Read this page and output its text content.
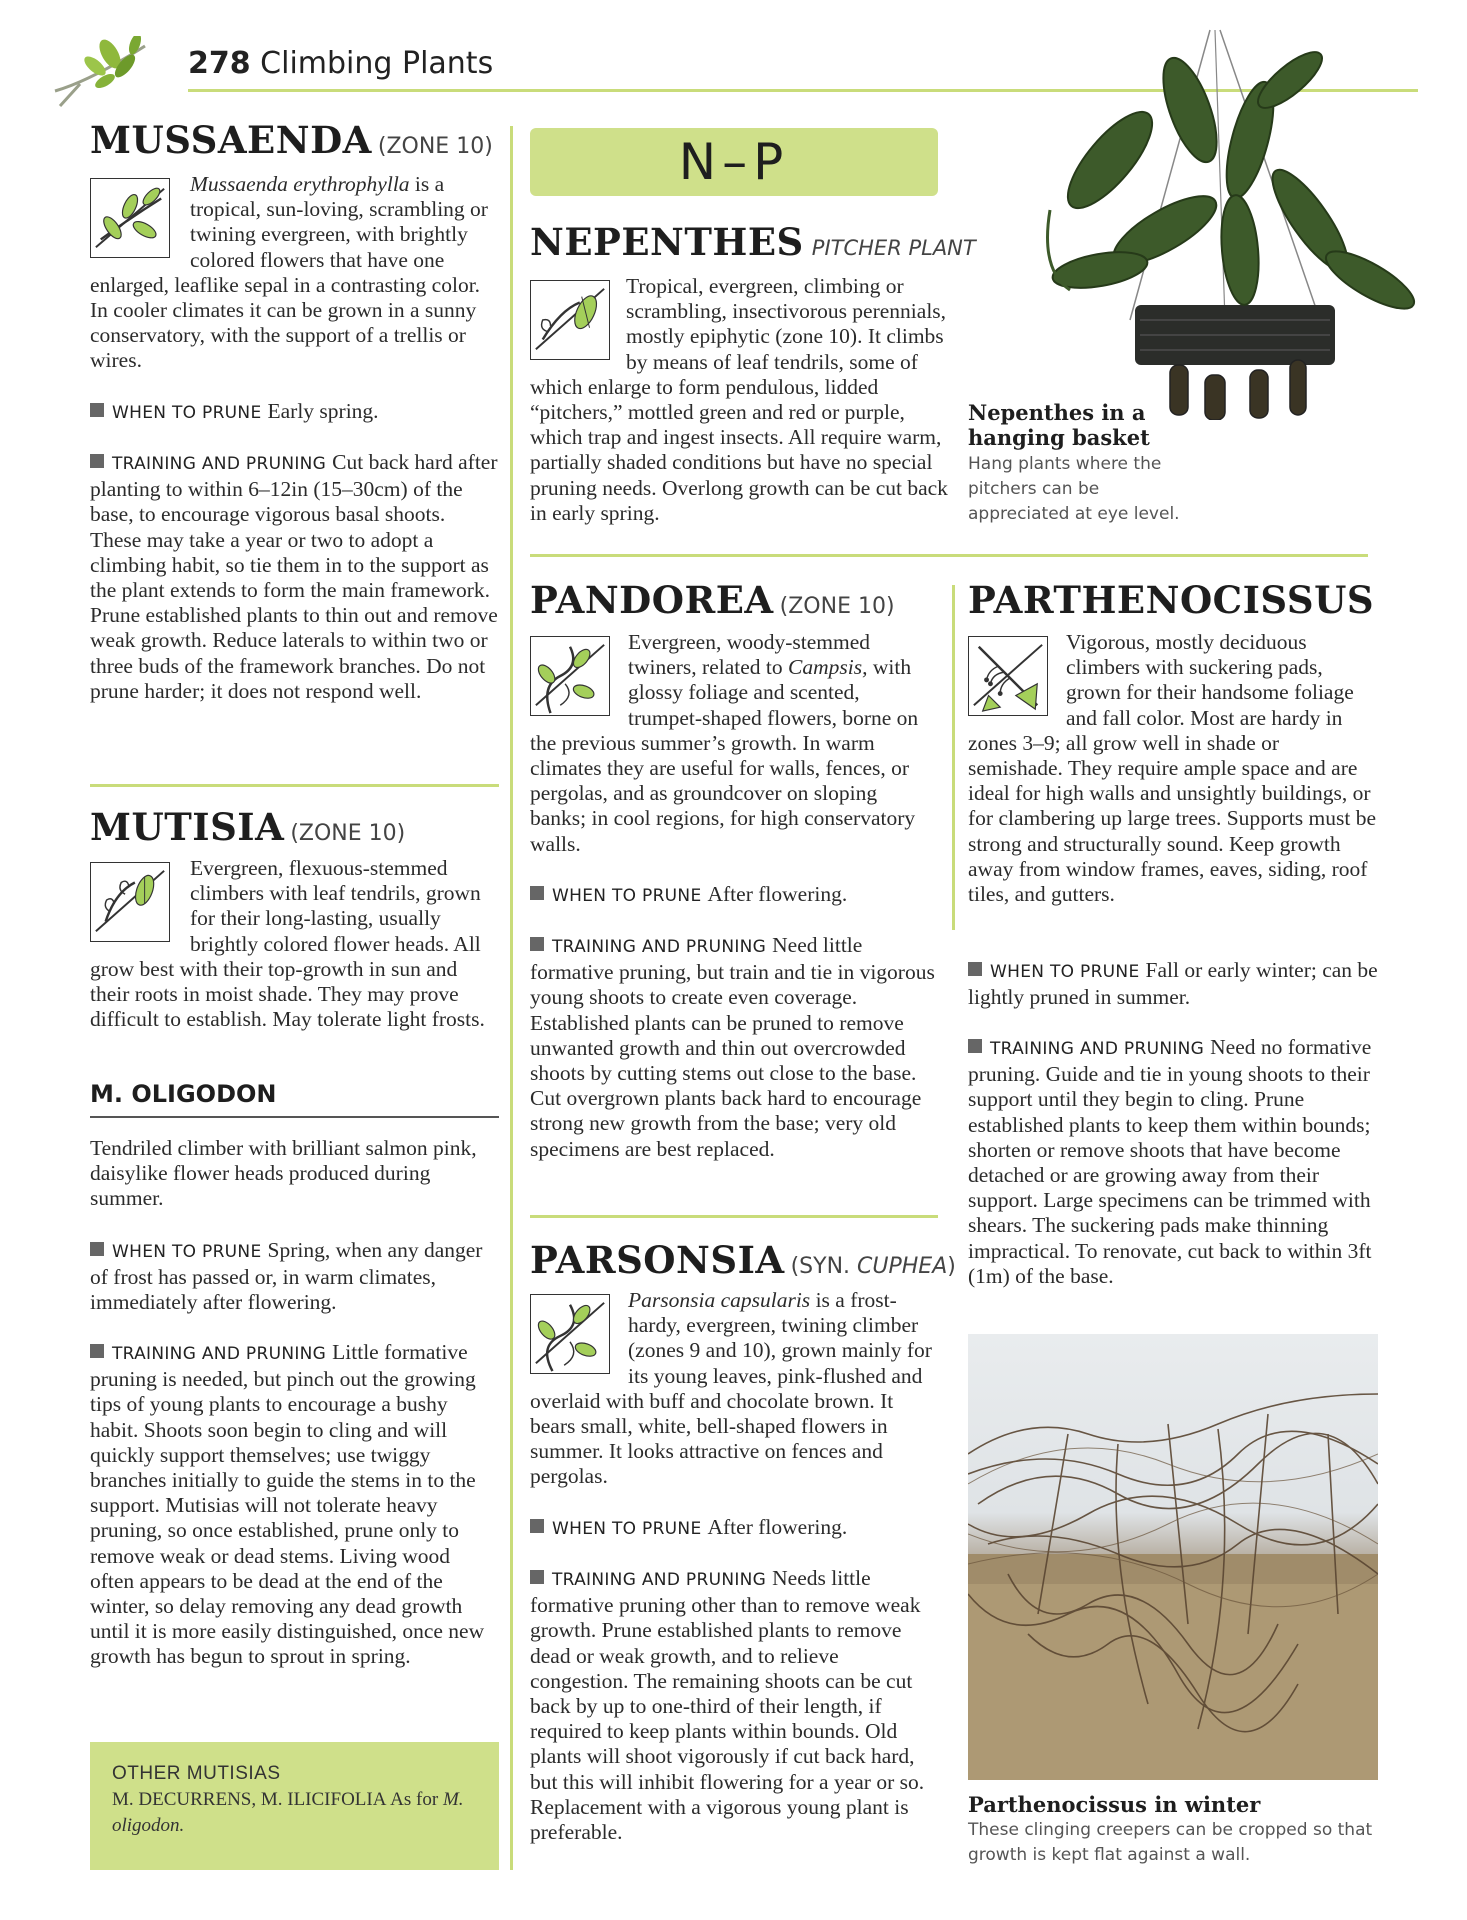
278 Climbing Plants
MUSSAENDA (ZONE 10)

Mussaenda erythrophylla is a tropical, sun-loving, scrambling or twining evergreen, with brightly colored flowers that have one enlarged, leaflike sepal in a contrasting color. In cooler climates it can be grown in a sunny conservatory, with the support of a trellis or wires.

WHEN TO PRUNE Early spring.

TRAINING AND PRUNING Cut back hard after planting to within 6–12in (15–30cm) of the base, to encourage vigorous basal shoots. These may take a year or two to adopt a climbing habit, so tie them in to the support as the plant extends to form the main framework. Prune established plants to thin out and remove weak growth. Reduce laterals to within two or three buds of the framework branches. Do not prune harder; it does not respond well.

MUTISIA (ZONE 10)

Evergreen, flexuous-stemmed climbers with leaf tendrils, grown for their long-lasting, usually brightly colored flower heads. All grow best with their top-growth in sun and their roots in moist shade. They may prove difficult to establish. May tolerate light frosts.

M. OLIGODON

Tendriled climber with brilliant salmon pink, daisylike flower heads produced during summer.

WHEN TO PRUNE Spring, when any danger of frost has passed or, in warm climates, immediately after flowering.

TRAINING AND PRUNING Little formative pruning is needed, but pinch out the growing tips of young plants to encourage a bushy habit. Shoots soon begin to cling and will quickly support themselves; use twiggy branches initially to guide the stems in to the support. Mutisias will not tolerate heavy pruning, so once established, prune only to remove weak or dead stems. Living wood often appears to be dead at the end of the winter, so delay removing any dead growth until it is more easily distinguished, once new growth has begun to sprout in spring.

OTHER MUTISIAS
M. DECURRENS, M. ILICIFOLIA As for M. oligodon.
N–P
NEPENTHES PITCHER PLANT

Tropical, evergreen, climbing or scrambling, insectivorous perennials, mostly epiphytic (zone 10). It climbs by means of leaf tendrils, some of which enlarge to form pendulous, lidded “pitchers,” mottled green and red or purple, which trap and ingest insects. All require warm, partially shaded conditions but have no special pruning needs. Overlong growth can be cut back in early spring.

Nepenthes in a hanging basket
Hang plants where the pitchers can be appreciated at eye level.
PANDOREA (ZONE 10)

Evergreen, woody-stemmed twiners, related to Campsis, with glossy foliage and scented, trumpet-shaped flowers, borne on the previous summer’s growth. In warm climates they are useful for walls, fences, or pergolas, and as groundcover on sloping banks; in cool regions, for high conservatory walls.

WHEN TO PRUNE After flowering.

TRAINING AND PRUNING Need little formative pruning, but train and tie in vigorous young shoots to create even coverage. Established plants can be pruned to remove unwanted growth and thin out overcrowded shoots by cutting stems out close to the base. Cut overgrown plants back hard to encourage strong new growth from the base; very old specimens are best replaced.

PARSONSIA (SYN. CUPHEA)

Parsonsia capsularis is a frost-hardy, evergreen, twining climber (zones 9 and 10), grown mainly for its young leaves, pink-flushed and overlaid with buff and chocolate brown. It bears small, white, bell-shaped flowers in summer. It looks attractive on fences and pergolas.

WHEN TO PRUNE After flowering.

TRAINING AND PRUNING Needs little formative pruning other than to remove weak growth. Prune established plants to remove dead or weak growth, and to relieve congestion. The remaining shoots can be cut back by up to one-third of their length, if required to keep plants within bounds. Old plants will shoot vigorously if cut back hard, but this will inhibit flowering for a year or so. Replacement with a vigorous young plant is preferable.

PARTHENOCISSUS

Vigorous, mostly deciduous climbers with suckering pads, grown for their handsome foliage and fall color. Most are hardy in zones 3–9; all grow well in shade or semishade. They require ample space and are ideal for high walls and unsightly buildings, or for clambering up large trees. Supports must be strong and structurally sound. Keep growth away from window frames, eaves, siding, roof tiles, and gutters.

WHEN TO PRUNE Fall or early winter; can be lightly pruned in summer.

TRAINING AND PRUNING Need no formative pruning. Guide and tie in young shoots to their support until they begin to cling. Prune established plants to keep them within bounds; shorten or remove shoots that have become detached or are growing away from their support. Large specimens can be trimmed with shears. The suckering pads make thinning impractical. To renovate, cut back to within 3ft (1m) of the base.

Parthenocissus in winter
These clinging creepers can be cropped so that growth is kept flat against a wall.
